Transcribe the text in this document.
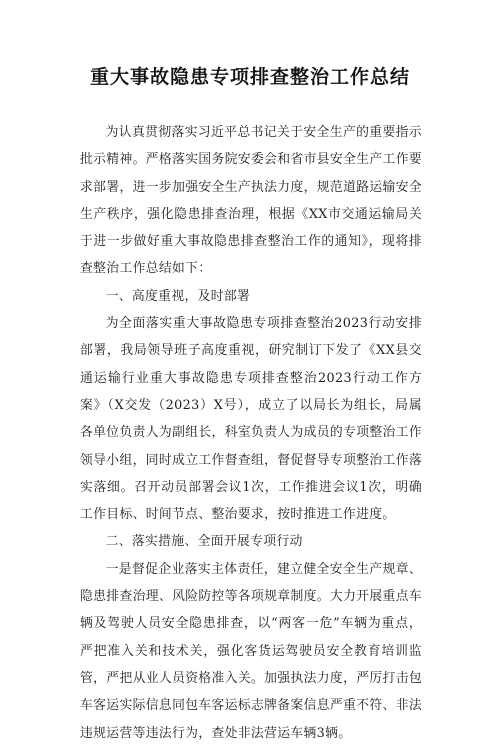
重大事故隐患专项排查整治工作总结

为认真贯彻落实习近平总书记关于安全生产的重要指示批示精神。严格落实国务院安委会和省市县安全生产工作要求部署，进一步加强安全生产执法力度，规范道路运输安全生产秩序，强化隐患排查治理，根据《XX市交通运输局关于进一步做好重大事故隐患排查整治工作的通知》，现将排查整治工作总结如下：

一、高度重视，及时部署

为全面落实重大事故隐患专项排查整治2023行动安排部署，我局领导班子高度重视，研究制订下发了《XX县交通运输行业重大事故隐患专项排查整治2023行动工作方案》（X交发（2023）X号），成立了以局长为组长，局属各单位负责人为副组长，科室负责人为成员的专项整治工作领导小组，同时成立工作督查组，督促督导专项整治工作落实落细。召开动员部署会议1次，工作推进会议1次，明确工作目标、时间节点、整治要求，按时推进工作进度。

二、落实措施、全面开展专项行动

一是督促企业落实主体责任，建立健全安全生产规章、隐患排查治理、风险防控等各项规章制度。大力开展重点车辆及驾驶人员安全隐患排查，以“两客一危”车辆为重点，严把准入关和技术关，强化客货运驾驶员安全教育培训监管，严把从业人员资格准入关。加强执法力度，严厉打击包车客运实际信息同包车客运标志牌备案信息严重不符、非法违规运营等违法行为，查处非法营运车辆3辆。
